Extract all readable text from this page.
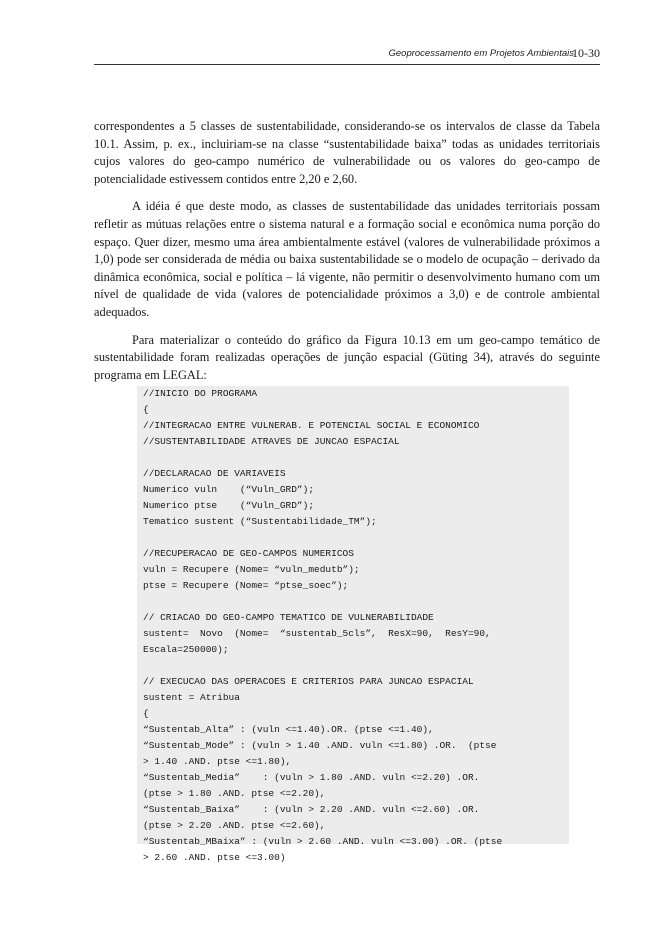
Geoprocessamento em Projetos Ambientais
10-30

correspondentes a 5 classes de sustentabilidade, considerando-se os intervalos de classe da Tabela 10.1. Assim, p. ex., incluiriam-se na classe “sustentabilidade baixa” todas as unidades territoriais cujos valores do geo-campo numérico de vulnerabilidade ou os valores do geo-campo de potencialidade estivessem contidos entre 2,20 e 2,60.

A idéia é que deste modo, as classes de sustentabilidade das unidades territoriais possam refletir as mútuas relações entre o sistema natural e a formação social e econômica numa porção do espaço. Quer dizer, mesmo uma área ambientalmente estável (valores de vulnerabilidade próximos a 1,0) pode ser considerada de média ou baixa sustentabilidade se o modelo de ocupação – derivado da dinâmica econômica, social e política – lá vigente, não permitir o desenvolvimento humano com um nível de qualidade de vida (valores de potencialidade próximos a 3,0) e de controle ambiental adequados.

Para materializar o conteúdo do gráfico da Figura 10.13 em um geo-campo temático de sustentabilidade foram realizadas operações de junção espacial (Güting 34), através do seguinte programa em LEGAL:

//INICIO DO PROGRAMA
{
//INTEGRACAO ENTRE VULNERAB. E POTENCIAL SOCIAL E ECONOMICO
//SUSTENTABILIDADE ATRAVES DE JUNCAO ESPACIAL
//DECLARACAO DE VARIAVEIS
Numerico vuln    (“Vuln_GRD”);
Numerico ptse    (“Vuln_GRD”);
Tematico sustent (“Sustentabilidade_TM”);
//RECUPERACAO DE GEO-CAMPOS NUMERICOS
vuln = Recupere (Nome= “vuln_medutb”);
ptse = Recupere (Nome= “ptse_soec”);
// CRIACAO DO GEO-CAMPO TEMATICO DE VULNERABILIDADE
sustent=  Novo  (Nome=  “sustentab_5cls”,  ResX=90,  ResY=90,
Escala=250000);
// EXECUCAO DAS OPERACOES E CRITERIOS PARA JUNCAO ESPACIAL
sustent = Atribua
{
“Sustentab_Alta” : (vuln <=1.40).OR. (ptse <=1.40),
“Sustentab_Mode” : (vuln > 1.40 .AND. vuln <=1.80) .OR.  (ptse
> 1.40 .AND. ptse <=1.80),
“Sustentab_Media”    : (vuln > 1.80 .AND. vuln <=2.20) .OR.
(ptse > 1.80 .AND. ptse <=2.20),
“Sustentab_Baixa”    : (vuln > 2.20 .AND. vuln <=2.60) .OR.
(ptse > 2.20 .AND. ptse <=2.60),
“Sustentab_MBaixa” : (vuln > 2.60 .AND. vuln <=3.00) .OR. (ptse
> 2.60 .AND. ptse <=3.00)
